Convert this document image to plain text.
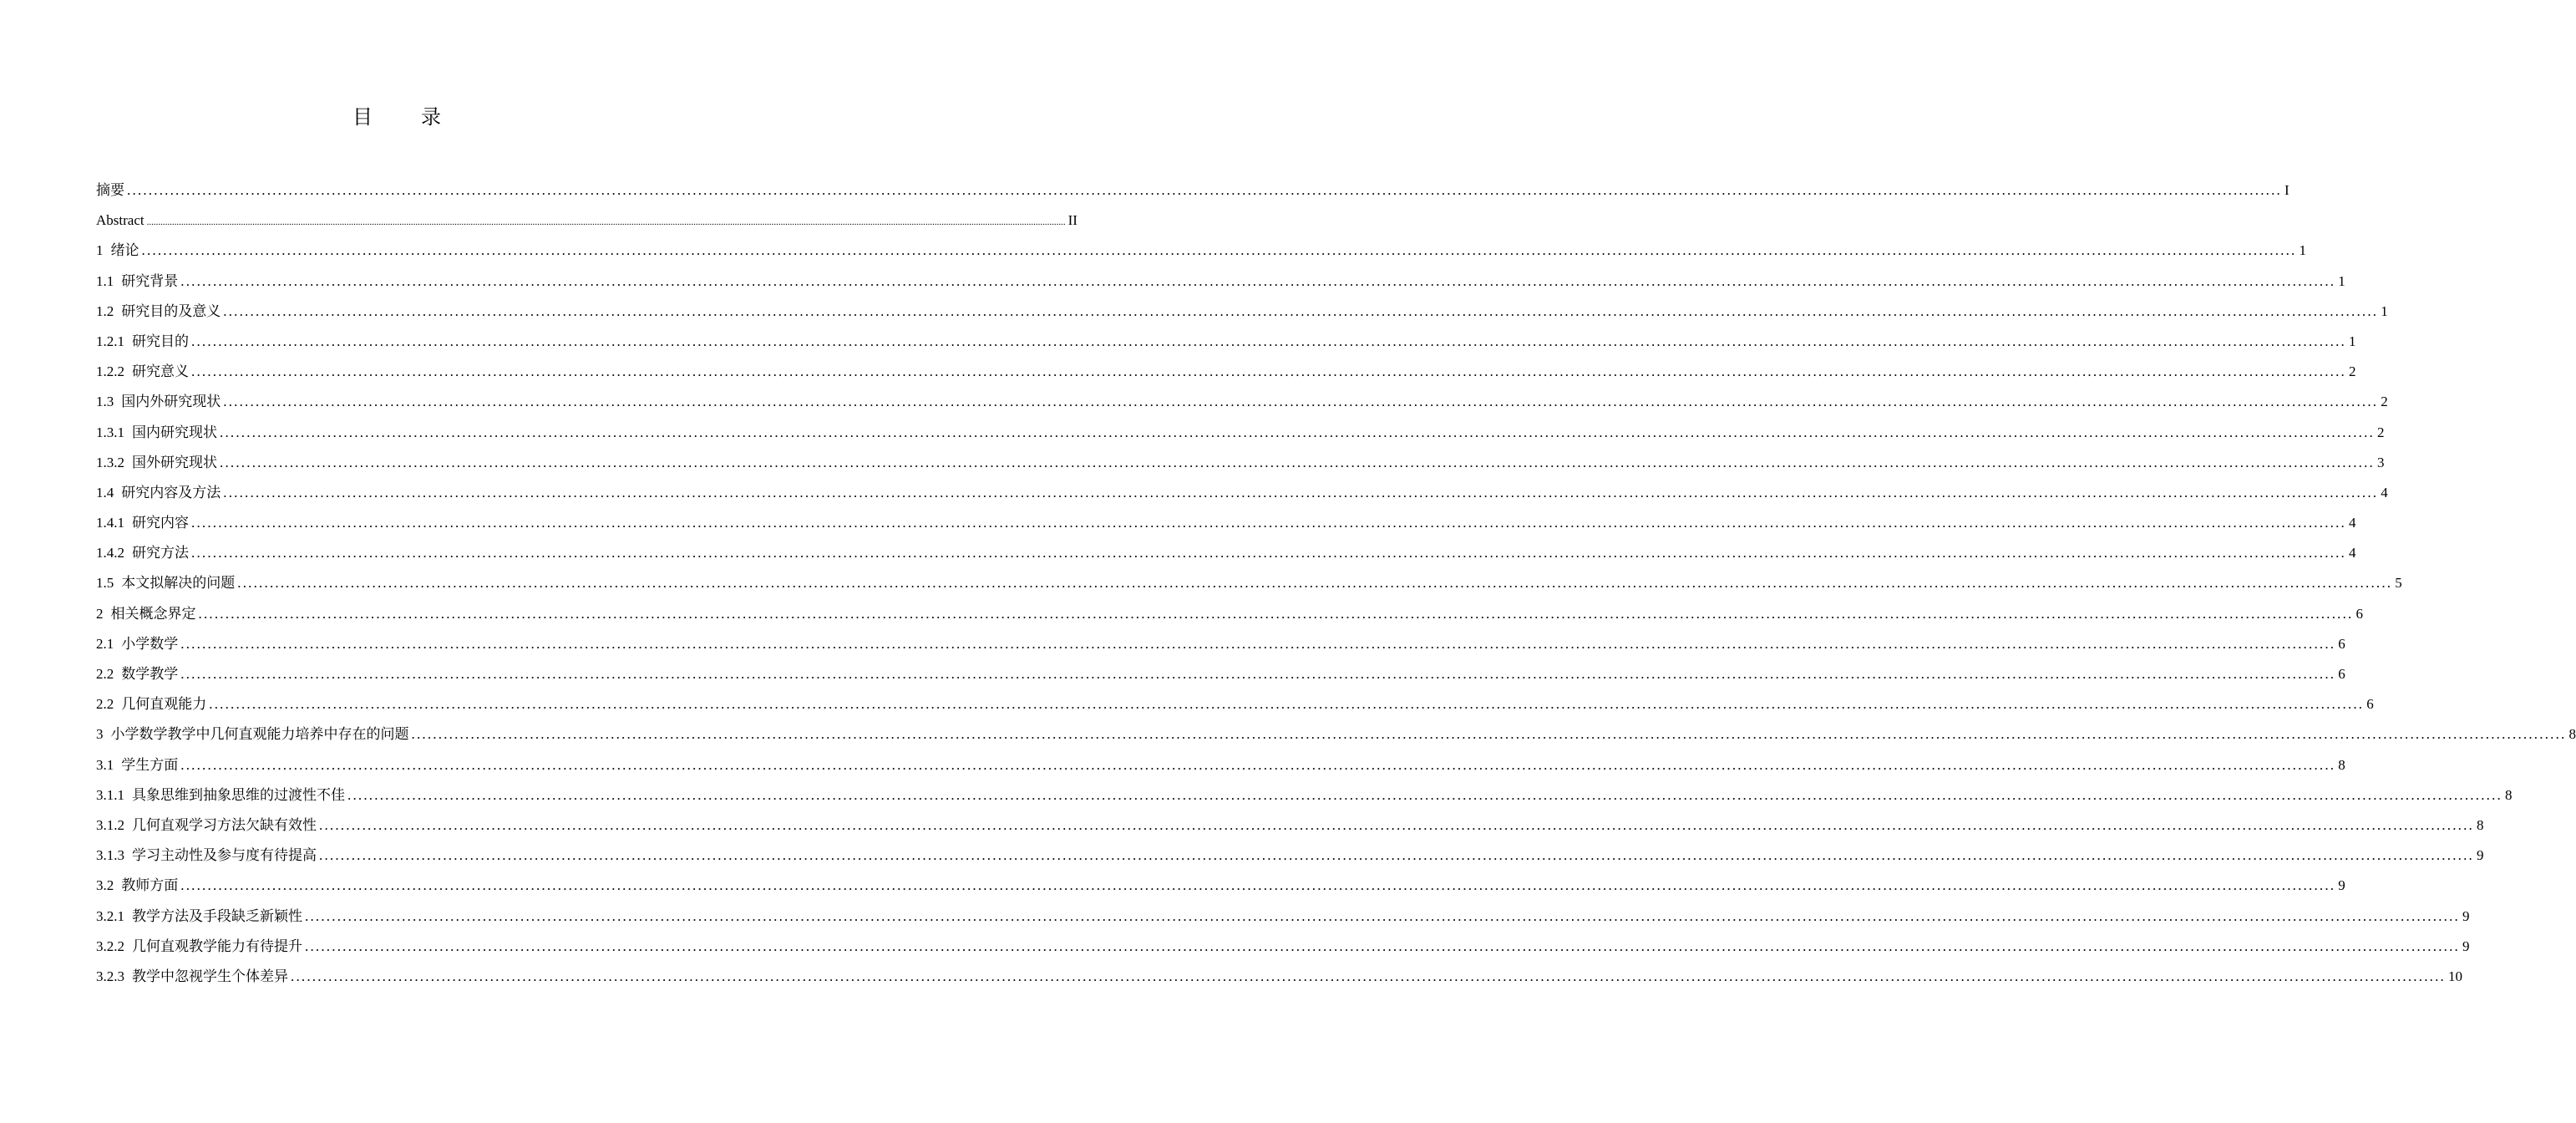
目 录
摘要 ................................................................................................................................................................................................................................................................................................................................................................................................................ I
Abstract ................................................................................................................................................................................................................................................................................................................................................................................................................ II
1 绪论 ................................................................................................................................................................................................................................................................................................................................................................................................................ 1
1.1 研究背景 ................................................................................................................................................................................................................................................................................................................................................................................................................ 1
1.2 研究目的及意义 ................................................................................................................................................................................................................................................................................................................................................................................................................ 1
1.2.1 研究目的 ................................................................................................................................................................................................................................................................................................................................................................................................................ 1
1.2.2 研究意义 ................................................................................................................................................................................................................................................................................................................................................................................................................ 2
1.3 国内外研究现状 ................................................................................................................................................................................................................................................................................................................................................................................................................ 2
1.3.1 国内研究现状 ................................................................................................................................................................................................................................................................................................................................................................................................................ 2
1.3.2 国外研究现状 ................................................................................................................................................................................................................................................................................................................................................................................................................ 3
1.4 研究内容及方法 ................................................................................................................................................................................................................................................................................................................................................................................................................ 4
1.4.1 研究内容 ................................................................................................................................................................................................................................................................................................................................................................................................................ 4
1.4.2 研究方法 ................................................................................................................................................................................................................................................................................................................................................................................................................ 4
1.5 本文拟解决的问题 ................................................................................................................................................................................................................................................................................................................................................................................................................ 5
2 相关概念界定 ................................................................................................................................................................................................................................................................................................................................................................................................................ 6
2.1 小学数学 ................................................................................................................................................................................................................................................................................................................................................................................................................ 6
2.2 数学教学 ................................................................................................................................................................................................................................................................................................................................................................................................................ 6
2.2 几何直观能力 ................................................................................................................................................................................................................................................................................................................................................................................................................ 6
3 小学数学教学中几何直观能力培养中存在的问题 ................................................................................................................................................................................................................................................................................................................................................................................................................ 8
3.1 学生方面 ................................................................................................................................................................................................................................................................................................................................................................................................................ 8
3.1.1 具象思维到抽象思维的过渡性不佳 ................................................................................................................................................................................................................................................................................................................................................................................................................ 8
3.1.2 几何直观学习方法欠缺有效性 ................................................................................................................................................................................................................................................................................................................................................................................................................ 8
3.1.3 学习主动性及参与度有待提高 ................................................................................................................................................................................................................................................................................................................................................................................................................ 9
3.2 教师方面 ................................................................................................................................................................................................................................................................................................................................................................................................................ 9
3.2.1 教学方法及手段缺乏新颖性 ................................................................................................................................................................................................................................................................................................................................................................................................................ 9
3.2.2 几何直观教学能力有待提升 ................................................................................................................................................................................................................................................................................................................................................................................................................ 9
3.2.3 教学中忽视学生个体差异 ................................................................................................................................................................................................................................................................................................................................................................................................................ 10
